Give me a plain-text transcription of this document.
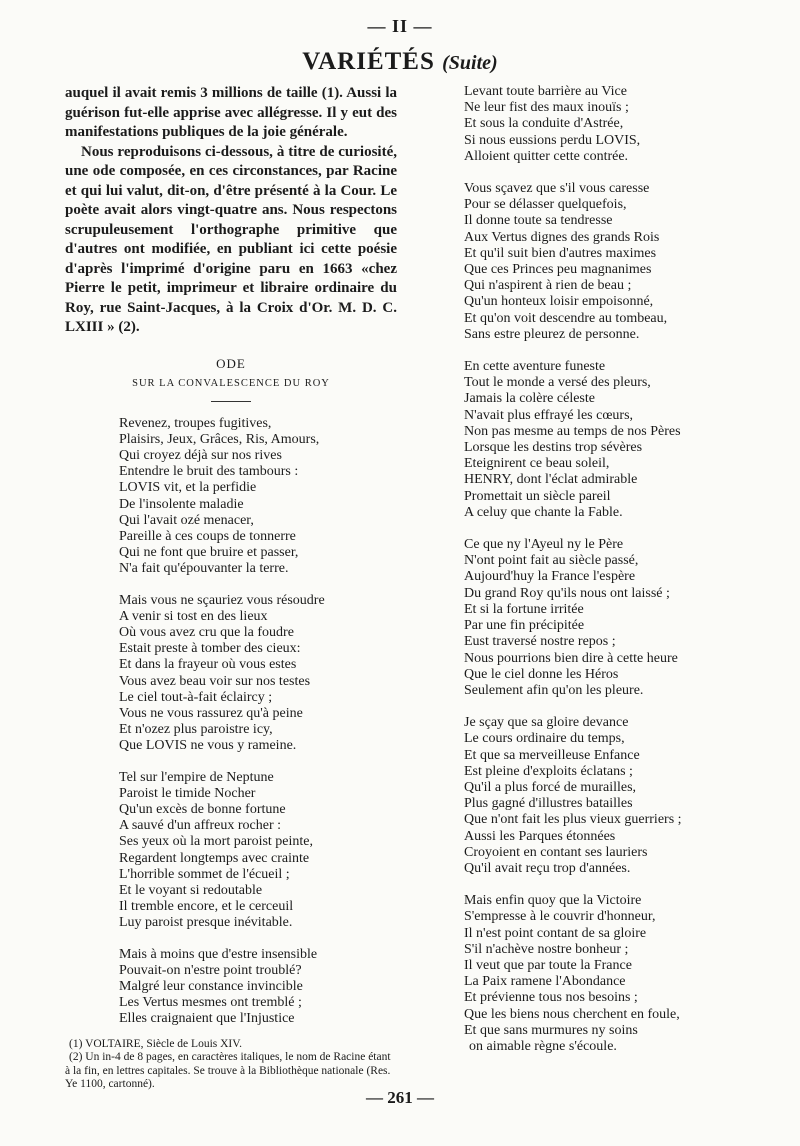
— II —
VARIÉTÉS (Suite)

auquel il avait remis 3 millions de taille (1). Aussi la guérison fut-elle apprise avec allégresse. Il y eut des manifestations publiques de la joie générale.

Nous reproduisons ci-dessous, à titre de curiosité, une ode composée, en ces circonstances, par Racine et qui lui valut, dit-on, d'être présenté à la Cour. Le poète avait alors vingt-quatre ans. Nous respectons scrupuleusement l'orthographe primitive que d'autres ont modifiée, en publiant ici cette poésie d'après l'imprimé d'origine paru en 1663 «chez Pierre le petit, imprimeur et libraire ordinaire du Roy, rue Saint-Jacques, à la Croix d'Or. M. D. C. LXIII » (2).

ODE
SUR LA CONVALESCENCE DU ROY
Revenez, troupes fugitives,
Plaisirs, Jeux, Grâces, Ris, Amours,
Qui croyez déjà sur nos rives
Entendre le bruit des tambours :
LOVIS vit, et la perfidie
De l'insolente maladie
Qui l'avait ozé menacer,
Pareille à ces coups de tonnerre
Qui ne font que bruire et passer,
N'a fait qu'épouvanter la terre.
Mais vous ne sçauriez vous résoudre
A venir si tost en des lieux
Où vous avez cru que la foudre
Estait preste à tomber des cieux:
Et dans la frayeur où vous estes
Vous avez beau voir sur nos testes
Le ciel tout-à-fait éclaircy ;
Vous ne vous rassurez qu'à peine
Et n'ozez plus paroistre icy,
Que LOVIS ne vous y rameine.
Tel sur l'empire de Neptune
Paroist le timide Nocher
Qu'un excès de bonne fortune
A sauvé d'un affreux rocher :
Ses yeux où la mort paroist peinte,
Regardent longtemps avec crainte
L'horrible sommet de l'écueil ;
Et le voyant si redoutable
Il tremble encore, et le cerceuil
Luy paroist presque inévitable.
Mais à moins que d'estre insensible
Pouvait-on n'estre point troublé?
Malgré leur constance invincible
Les Vertus mesmes ont tremblé ;
Elles craignaient que l'Injustice
(1) VOLTAIRE, Siècle de Louis XIV.
(2) Un in-4 de 8 pages, en caractères italiques, le nom de Racine étant à la fin, en lettres capitales. Se trouve à la Bibliothèque nationale (Res. Ye 1100, cartonné).
Levant toute barrière au Vice
Ne leur fist des maux inouïs ;
Et sous la conduite d'Astrée,
Si nous eussions perdu LOVIS,
Alloient quitter cette contrée.
Vous sçavez que s'il vous caresse
Pour se délasser quelquefois,
Il donne toute sa tendresse
Aux Vertus dignes des grands Rois
Et qu'il suit bien d'autres maximes
Que ces Princes peu magnanimes
Qui n'aspirent à rien de beau ;
Qu'un honteux loisir empoisonné,
Et qu'on voit descendre au tombeau,
Sans estre pleurez de personne.
En cette aventure funeste
Tout le monde a versé des pleurs,
Jamais la colère céleste
N'avait plus effrayé les cœurs,
Non pas mesme au temps de nos Pères
Lorsque les destins trop sévères
Eteignirent ce beau soleil,
HENRY, dont l'éclat admirable
Promettait un siècle pareil
A celuy que chante la Fable.
Ce que ny l'Ayeul ny le Père
N'ont point fait au siècle passé,
Aujourd'huy la France l'espère
Du grand Roy qu'ils nous ont laissé ;
Et si la fortune irritée
Par une fin précipitée
Eust traversé nostre repos ;
Nous pourrions bien dire à cette heure
Que le ciel donne les Héros
Seulement afin qu'on les pleure.
Je sçay que sa gloire devance
Le cours ordinaire du temps,
Et que sa merveilleuse Enfance
Est pleine d'exploits éclatans ;
Qu'il a plus forcé de murailles,
Plus gagné d'illustres batailles
Que n'ont fait les plus vieux guerriers ;
Aussi les Parques étonnées
Croyoient en contant ses lauriers
Qu'il avait reçu trop d'années.
Mais enfin quoy que la Victoire
S'empresse à le couvrir d'honneur,
Il n'est point contant de sa gloire
S'il n'achève nostre bonheur ;
Il veut que par toute la France
La Paix ramene l'Abondance
Et prévienne tous nos besoins ;
Que les biens nous cherchent en foule,
Et que sans murmures ny soins
on aimable règne s'écoule.
— 261 —
